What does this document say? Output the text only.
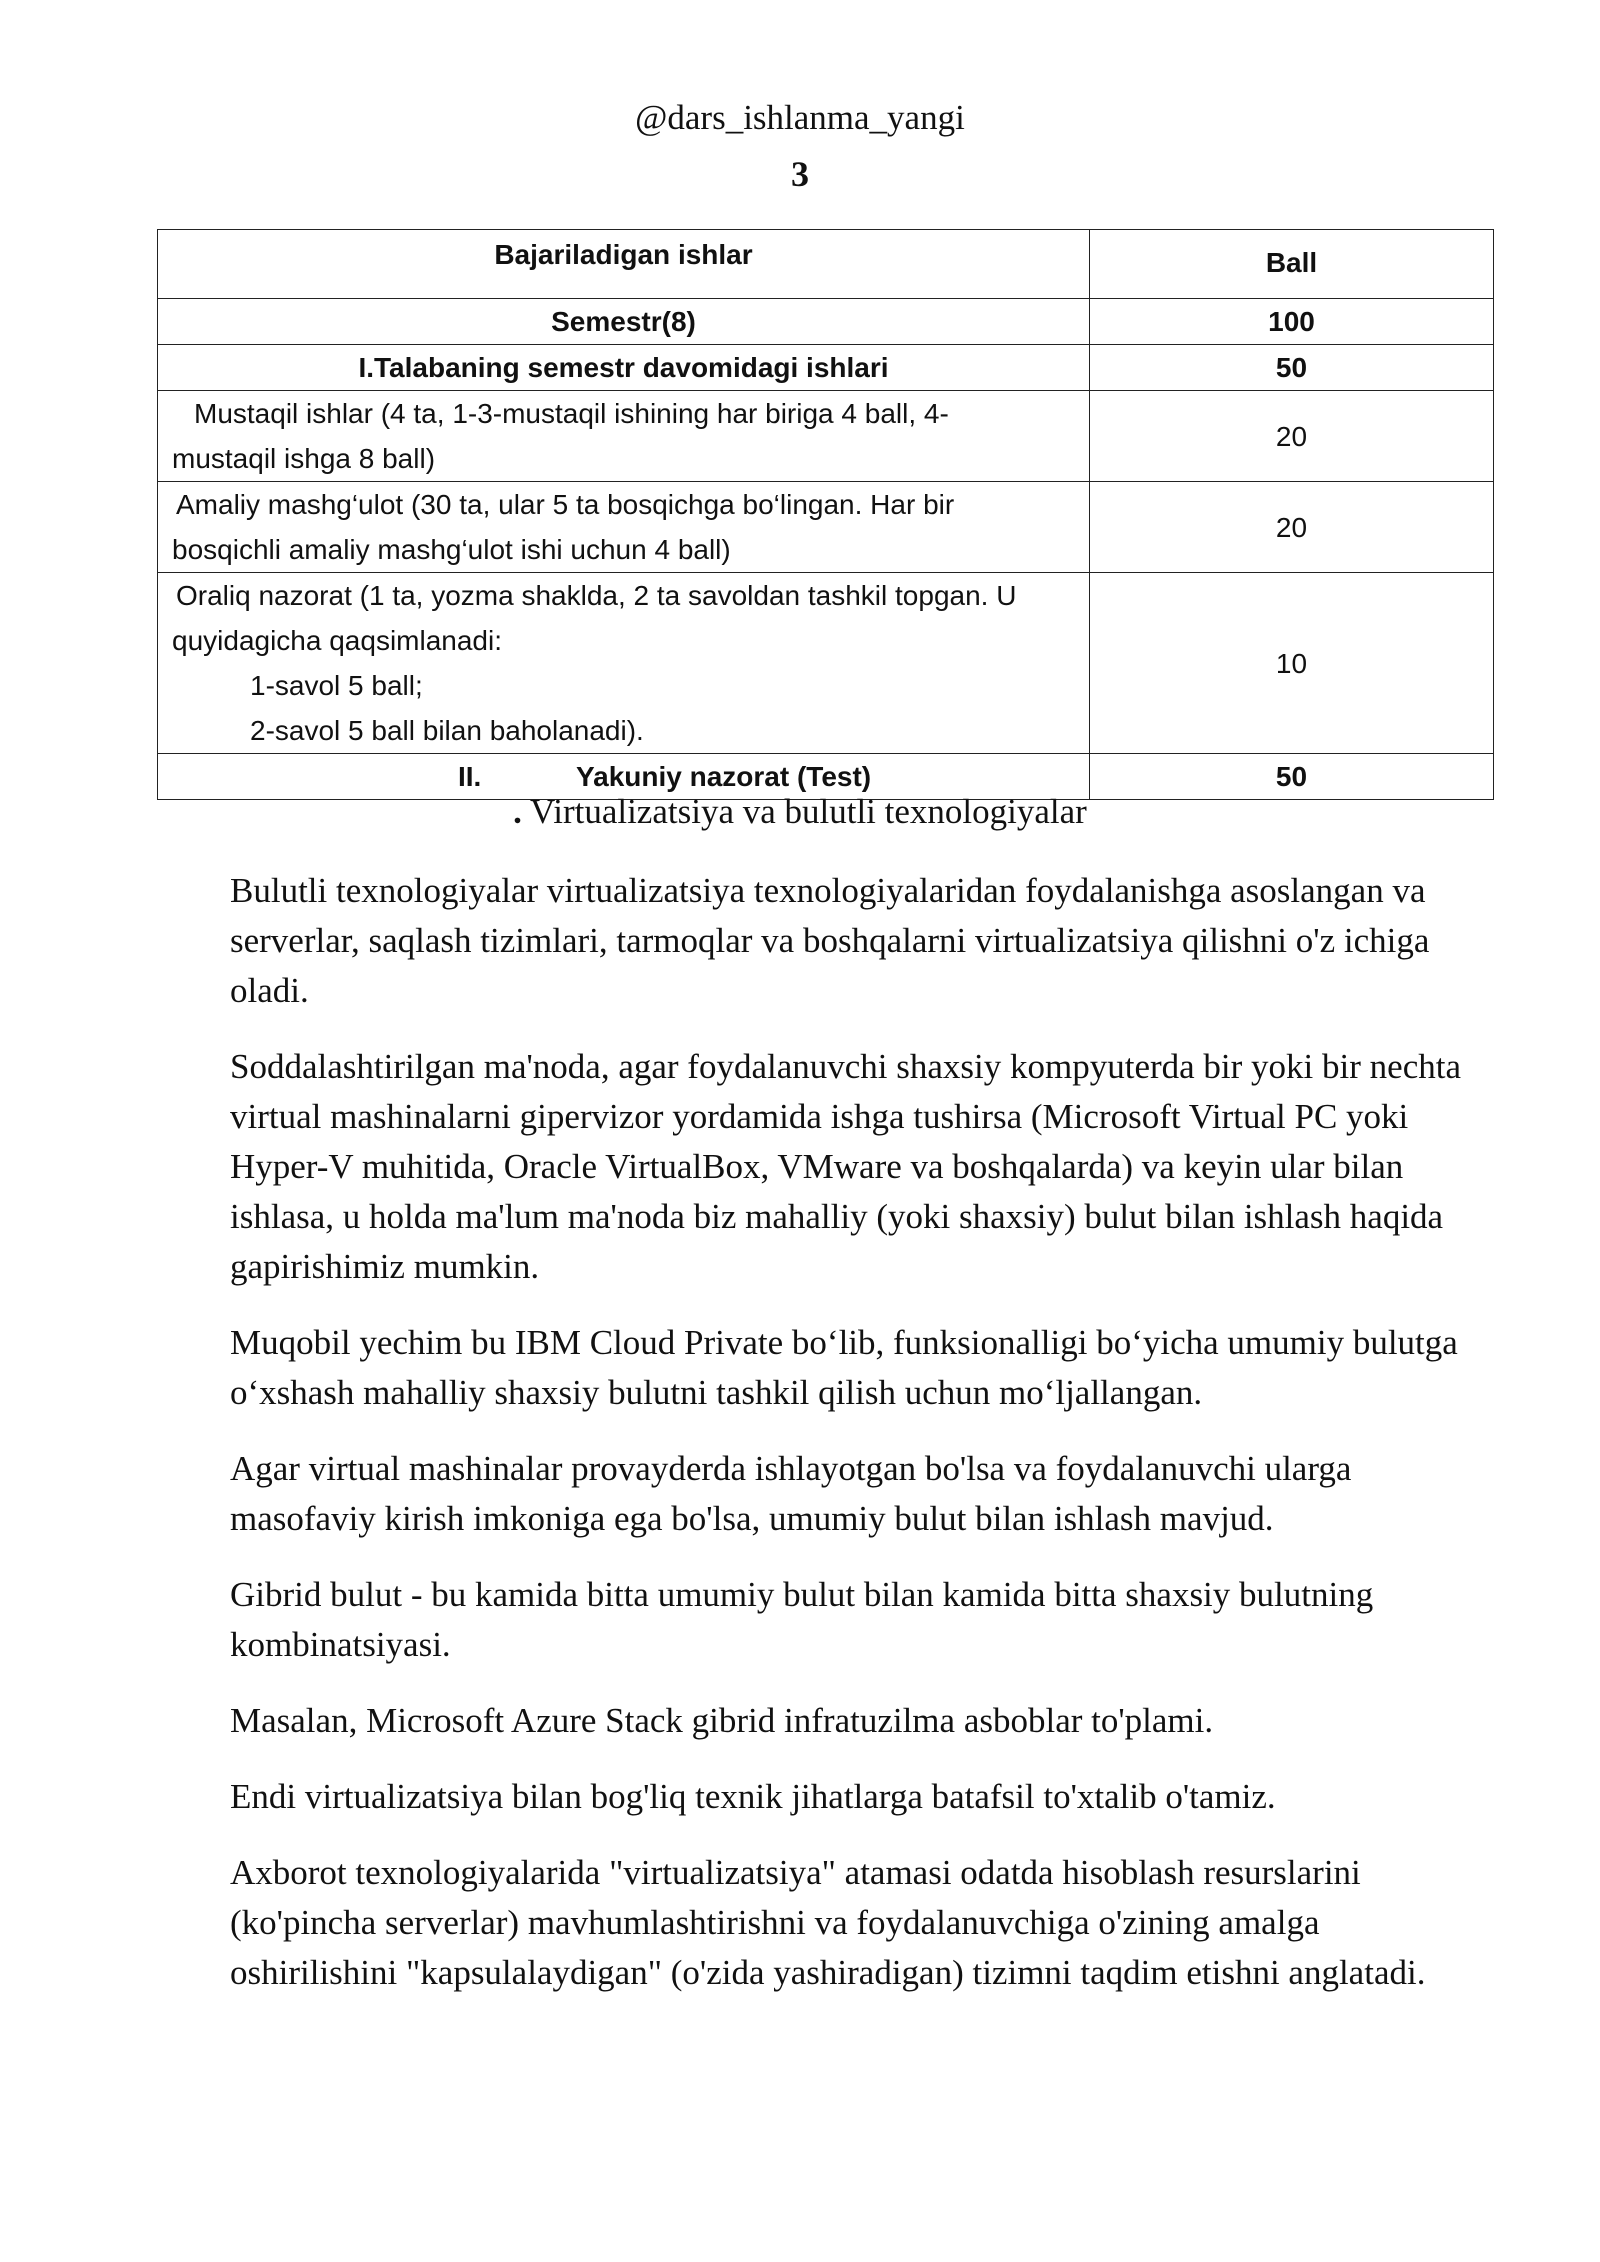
@dars_ishlanma_yangi
3
Bajariladigan ishlar	Ball
Semestr(8)	100
I.Talabaning semestr davomidagi ishlari	50

Mustaqil ishlar (4 ta, 1-3-mustaqil ishining har biriga 4 ball, 4-
mustaqil ishga 8 ball)	20

Amaliy mashg‘ulot (30 ta, ular 5 ta bosqichga bo‘lingan. Har bir
bosqichli amaliy mashg‘ulot ishi uchun 4 ball)	20

Oraliq nazorat (1 ta, yozma shaklda, 2 ta savoldan tashkil topgan. U
quyidagicha qaqsimlanadi:
1-savol 5 ball;
2-savol 5 ball bilan baholanadi).	10
II. Yakuniy nazorat (Test)	50
. Virtualizatsiya va bulutli texnologiyalar

Bulutli texnologiyalar virtualizatsiya texnologiyalaridan foydalanishga asoslangan va serverlar, saqlash tizimlari, tarmoqlar va boshqalarni virtualizatsiya qilishni o'z ichiga oladi.

Soddalashtirilgan ma'noda, agar foydalanuvchi shaxsiy kompyuterda bir yoki bir nechta virtual mashinalarni gipervizor yordamida ishga tushirsa (Microsoft Virtual PC yoki Hyper-V muhitida, Oracle VirtualBox, VMware va boshqalarda) va keyin ular bilan ishlasa, u holda ma'lum ma'noda biz mahalliy (yoki shaxsiy) bulut bilan ishlash haqida gapirishimiz mumkin.

Muqobil yechim bu IBM Cloud Private bo‘lib, funksionalligi bo‘yicha umumiy bulutga o‘xshash mahalliy shaxsiy bulutni tashkil qilish uchun mo‘ljallangan.

Agar virtual mashinalar provayderda ishlayotgan bo'lsa va foydalanuvchi ularga masofaviy kirish imkoniga ega bo'lsa, umumiy bulut bilan ishlash mavjud.

Gibrid bulut - bu kamida bitta umumiy bulut bilan kamida bitta shaxsiy bulutning kombinatsiyasi.

Masalan, Microsoft Azure Stack gibrid infratuzilma asboblar to'plami.

Endi virtualizatsiya bilan bog'liq texnik jihatlarga batafsil to'xtalib o'tamiz.

Axborot texnologiyalarida "virtualizatsiya" atamasi odatda hisoblash resurslarini (ko'pincha serverlar) mavhumlashtirishni va foydalanuvchiga o'zining amalga oshirilishini "kapsulalaydigan" (o'zida yashiradigan) tizimni taqdim etishni anglatadi.
